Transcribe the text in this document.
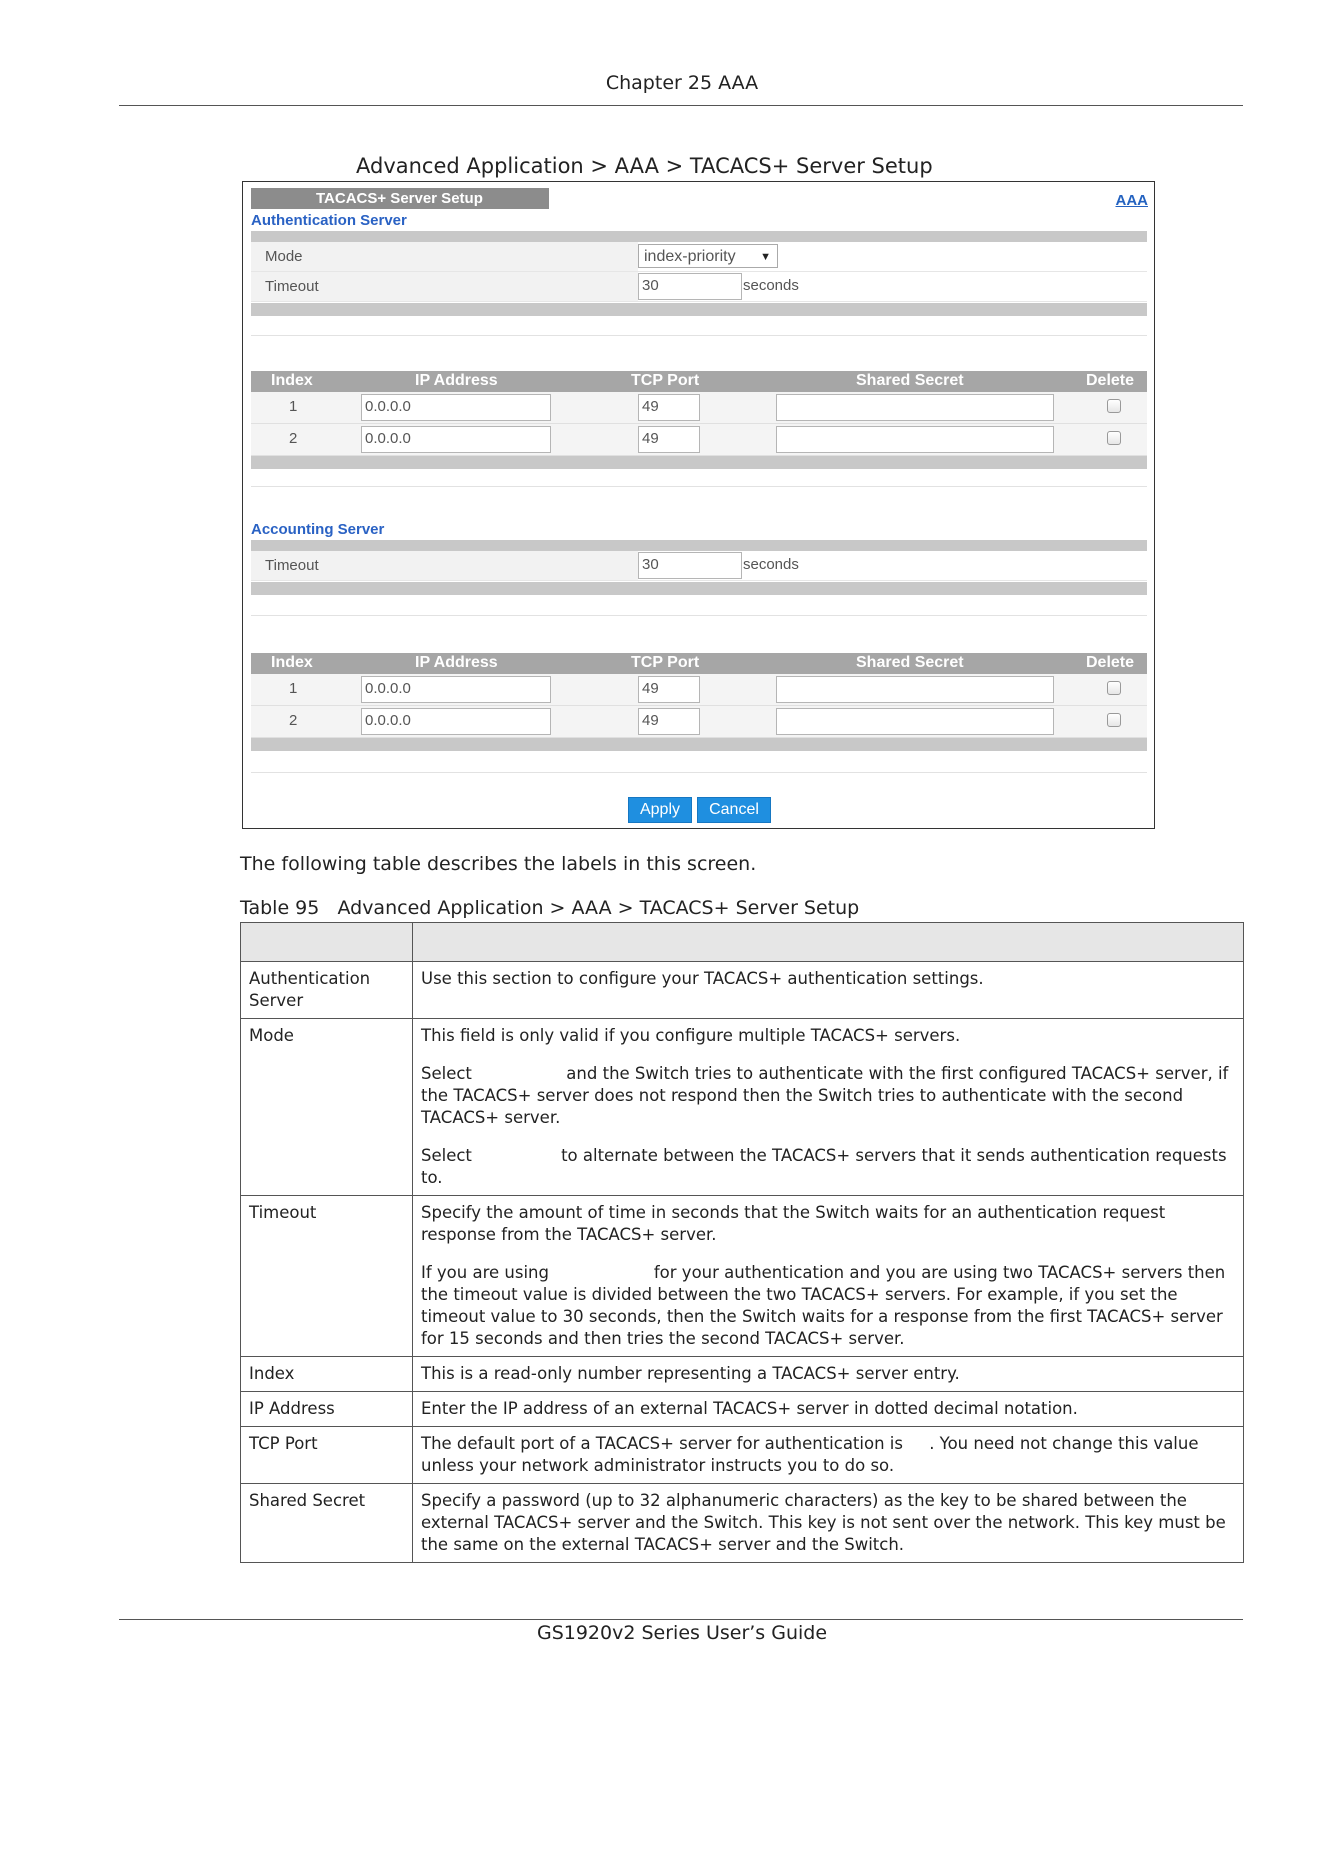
Chapter 25 AAA
Advanced Application > AAA > TACACS+ Server Setup
TACACS+ Server Setup	AAA
Authentication Server
Mode	index-priority ▼
Timeout	30	seconds
Index	IP Address	TCP Port	Shared Secret	Delete
1	0.0.0.0	49
2	0.0.0.0	49
Accounting Server
Timeout	30	seconds
Index	IP Address	TCP Port	Shared Secret	Delete
1	0.0.0.0	49
2	0.0.0.0	49
Apply	Cancel
The following table describes the labels in this screen.
Table 95   Advanced Application > AAA > TACACS+ Server Setup

Authentication Server	Use this section to configure your TACACS+ authentication settings.

Mode	This field is only valid if you configure multiple TACACS+ servers.

Select                  and the Switch tries to authenticate with the first configured TACACS+ server, if the TACACS+ server does not respond then the Switch tries to authenticate with the second TACACS+ server.

Select                 to alternate between the TACACS+ servers that it sends authentication requests to.

Timeout	Specify the amount of time in seconds that the Switch waits for an authentication request response from the TACACS+ server.

If you are using                    for your authentication and you are using two TACACS+ servers then the timeout value is divided between the two TACACS+ servers. For example, if you set the timeout value to 30 seconds, then the Switch waits for a response from the first TACACS+ server for 15 seconds and then tries the second TACACS+ server.

Index	This is a read-only number representing a TACACS+ server entry.

IP Address	Enter the IP address of an external TACACS+ server in dotted decimal notation.

TCP Port	The default port of a TACACS+ server for authentication is     . You need not change this value unless your network administrator instructs you to do so.

Shared Secret	Specify a password (up to 32 alphanumeric characters) as the key to be shared between the external TACACS+ server and the Switch. This key is not sent over the network. This key must be the same on the external TACACS+ server and the Switch.

GS1920v2 Series User’s Guide
